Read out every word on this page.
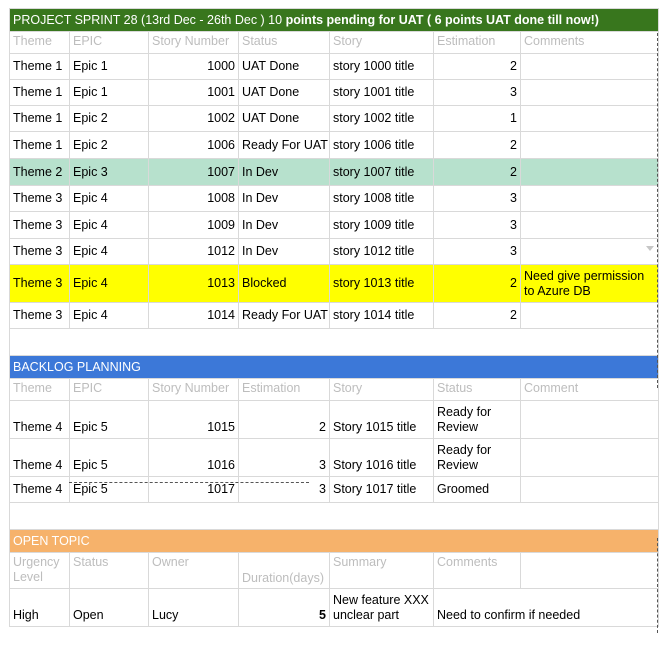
PROJECT SPRINT 28 (13rd Dec - 26th Dec ) 10 points pending for UAT ( 6 points UAT done till now!)						
Theme	EPIC	Story Number	Status	Story	Estimation	Comments
Theme 1	Epic 1	1000	UAT Done	story 1000 title	2	
Theme 1	Epic 1	1001	UAT Done	story 1001 title	3	
Theme 1	Epic 2	1002	UAT Done	story 1002 title	1	
Theme 1	Epic 2	1006	Ready For UAT	story 1006 title	2	
Theme 2	Epic 3	1007	In Dev	story 1007 title	2	
Theme 3	Epic 4	1008	In Dev	story 1008 title	3	
Theme 3	Epic 4	1009	In Dev	story 1009 title	3	
Theme 3	Epic 4	1012	In Dev	story 1012 title	3	
Theme 3	Epic 4	1013	Blocked	story 1013 title	2	Need give permission to Azure DB
Theme 3	Epic 4	1014	Ready For UAT	story 1014 title	2	

BACKLOG PLANNING						
Theme	EPIC	Story Number	Estimation	Story	Status	Comment
Theme 4	Epic 5	1015	2	Story 1015 title	Ready for Review	
Theme 4	Epic 5	1016	3	Story 1016 title	Ready for Review	
Theme 4	Epic 5	1017	3	Story 1017 title	Groomed	

OPEN TOPIC						
Urgency Level	Status	Owner	Duration(days)	Summary	Comments	
High	Open	Lucy	5	New feature XXX unclear part	Need to confirm if needed	
